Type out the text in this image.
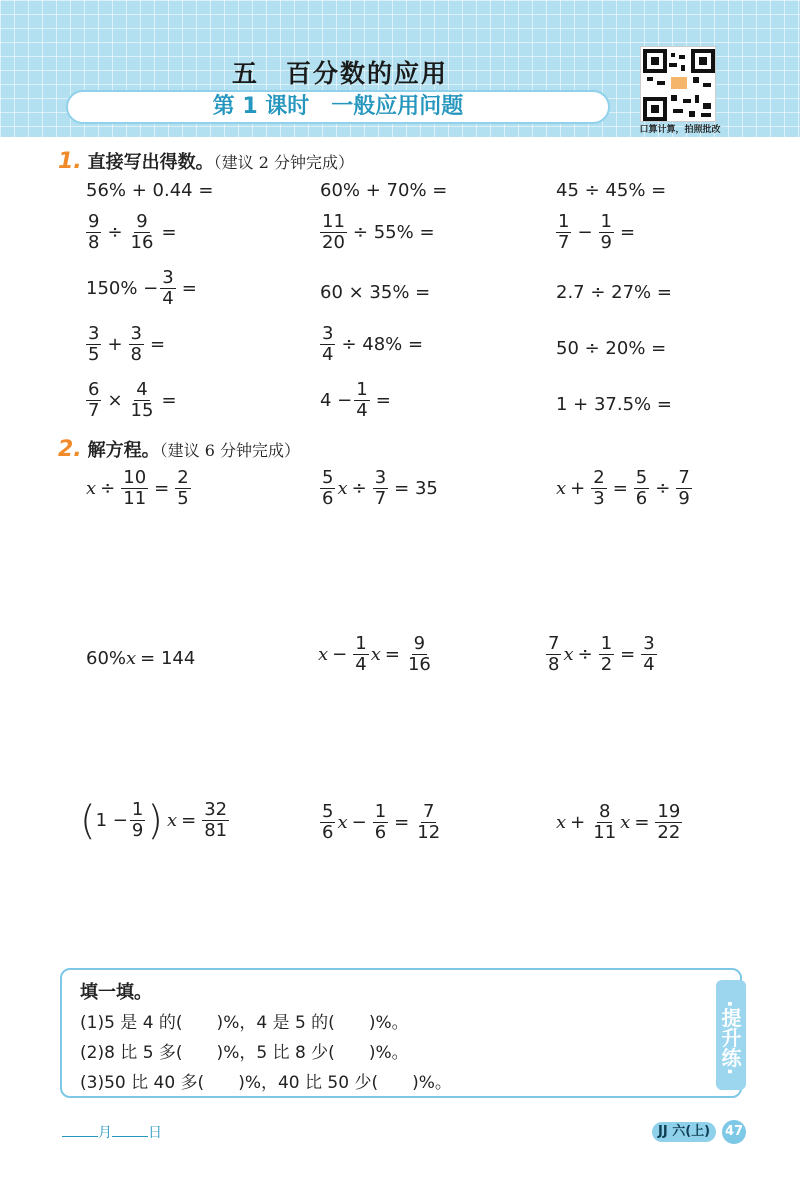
五　百分数的应用
第 1 课时　一般应用问题
口算计算，拍照批改
1. 直接写出得数。（建议 2 分钟完成）
56% + 0.44 =	60% + 70% =	45 ÷ 45% =
$\frac{9}{8} \div \frac{9}{16}$ =	$\frac{11}{20} \div 55\%$ =	$\frac{1}{7} - \frac{1}{9}$ =
$150\% - \frac{3}{4}$ =	60 × 35% =	2.7 ÷ 27% =
$\frac{3}{5} + \frac{3}{8}$ =	$\frac{3}{4} \div 48\%$ =	50 ÷ 20% =
$\frac{6}{7} \times \frac{4}{15}$ =	$4 - \frac{1}{4}$ =	1 + 37.5% =
2. 解方程。（建议 6 分钟完成）
$x \div \frac{10}{11} = \frac{2}{5}$	$\frac{5}{6}$ $x \div \frac{3}{7} = 35$	$x + \frac{2}{3} = \frac{5}{6} \div \frac{7}{9}$
60% x = 144	$x - \frac{1}{4}$ $x = \frac{9}{16}$	$\frac{7}{8}$ $x \div \frac{1}{2} = \frac{3}{4}$
( $1 - \frac{1}{9}$ ) $x = \frac{32}{81}$	$\frac{5}{6}$ $x - \frac{1}{6} = \frac{7}{12}$	$x + \frac{8}{11}$ $x = \frac{19}{22}$
填一填。
(1)5 是 4 的(　　)%，4 是 5 的(　　)%。
(2)8 比 5 多(　　)%，5 比 8 少(　　)%。
(3)50 比 40 多(　　)%，40 比 50 少(　　)%。
·提升练·
月	日	JJ 六(上)	47
